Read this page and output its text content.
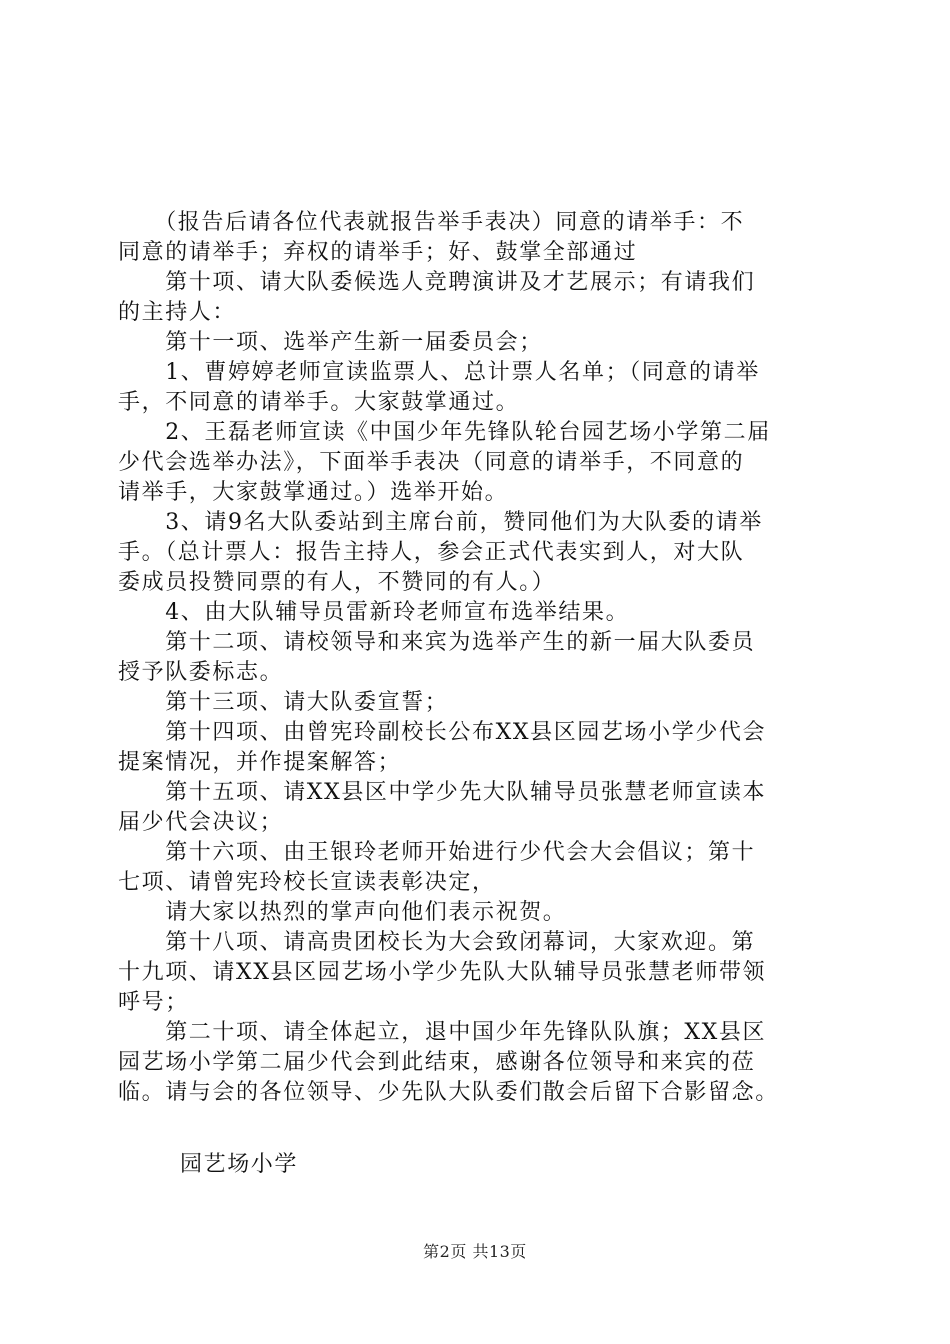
　　（报告后请各位代表就报告举手表决）同意的请举手：不
同意的请举手；弃权的请举手；好、鼓掌全部通过
　　第十项、请大队委候选人竞聘演讲及才艺展示；有请我们
的主持人：
　　第十一项、选举产生新一届委员会；
　　1、曹婷婷老师宣读监票人、总计票人名单；（同意的请举
手，不同意的请举手。大家鼓掌通过。
　　2、王磊老师宣读《中国少年先锋队轮台园艺场小学第二届
少代会选举办法》，下面举手表决（同意的请举手，不同意的
请举手，大家鼓掌通过。）选举开始。
　　3、请9名大队委站到主席台前，赞同他们为大队委的请举
手。（总计票人：报告主持人，参会正式代表实到人，对大队
委成员投赞同票的有人，不赞同的有人。）
　　4、由大队辅导员雷新玲老师宣布选举结果。
　　第十二项、请校领导和来宾为选举产生的新一届大队委员
授予队委标志。
　　第十三项、请大队委宣誓；
　　第十四项、由曾宪玲副校长公布XX县区园艺场小学少代会
提案情况，并作提案解答；
　　第十五项、请XX县区中学少先大队辅导员张慧老师宣读本
届少代会决议；
　　第十六项、由王银玲老师开始进行少代会大会倡议；第十
七项、请曾宪玲校长宣读表彰决定，
　　请大家以热烈的掌声向他们表示祝贺。
　　第十八项、请高贵团校长为大会致闭幕词，大家欢迎。第
十九项、请XX县区园艺场小学少先队大队辅导员张慧老师带领
呼号；
　　第二十项、请全体起立，退中国少年先锋队队旗；XX县区
园艺场小学第二届少代会到此结束，感谢各位领导和来宾的莅
临。请与会的各位领导、少先队大队委们散会后留下合影留念。
园艺场小学
第2页 共13页
